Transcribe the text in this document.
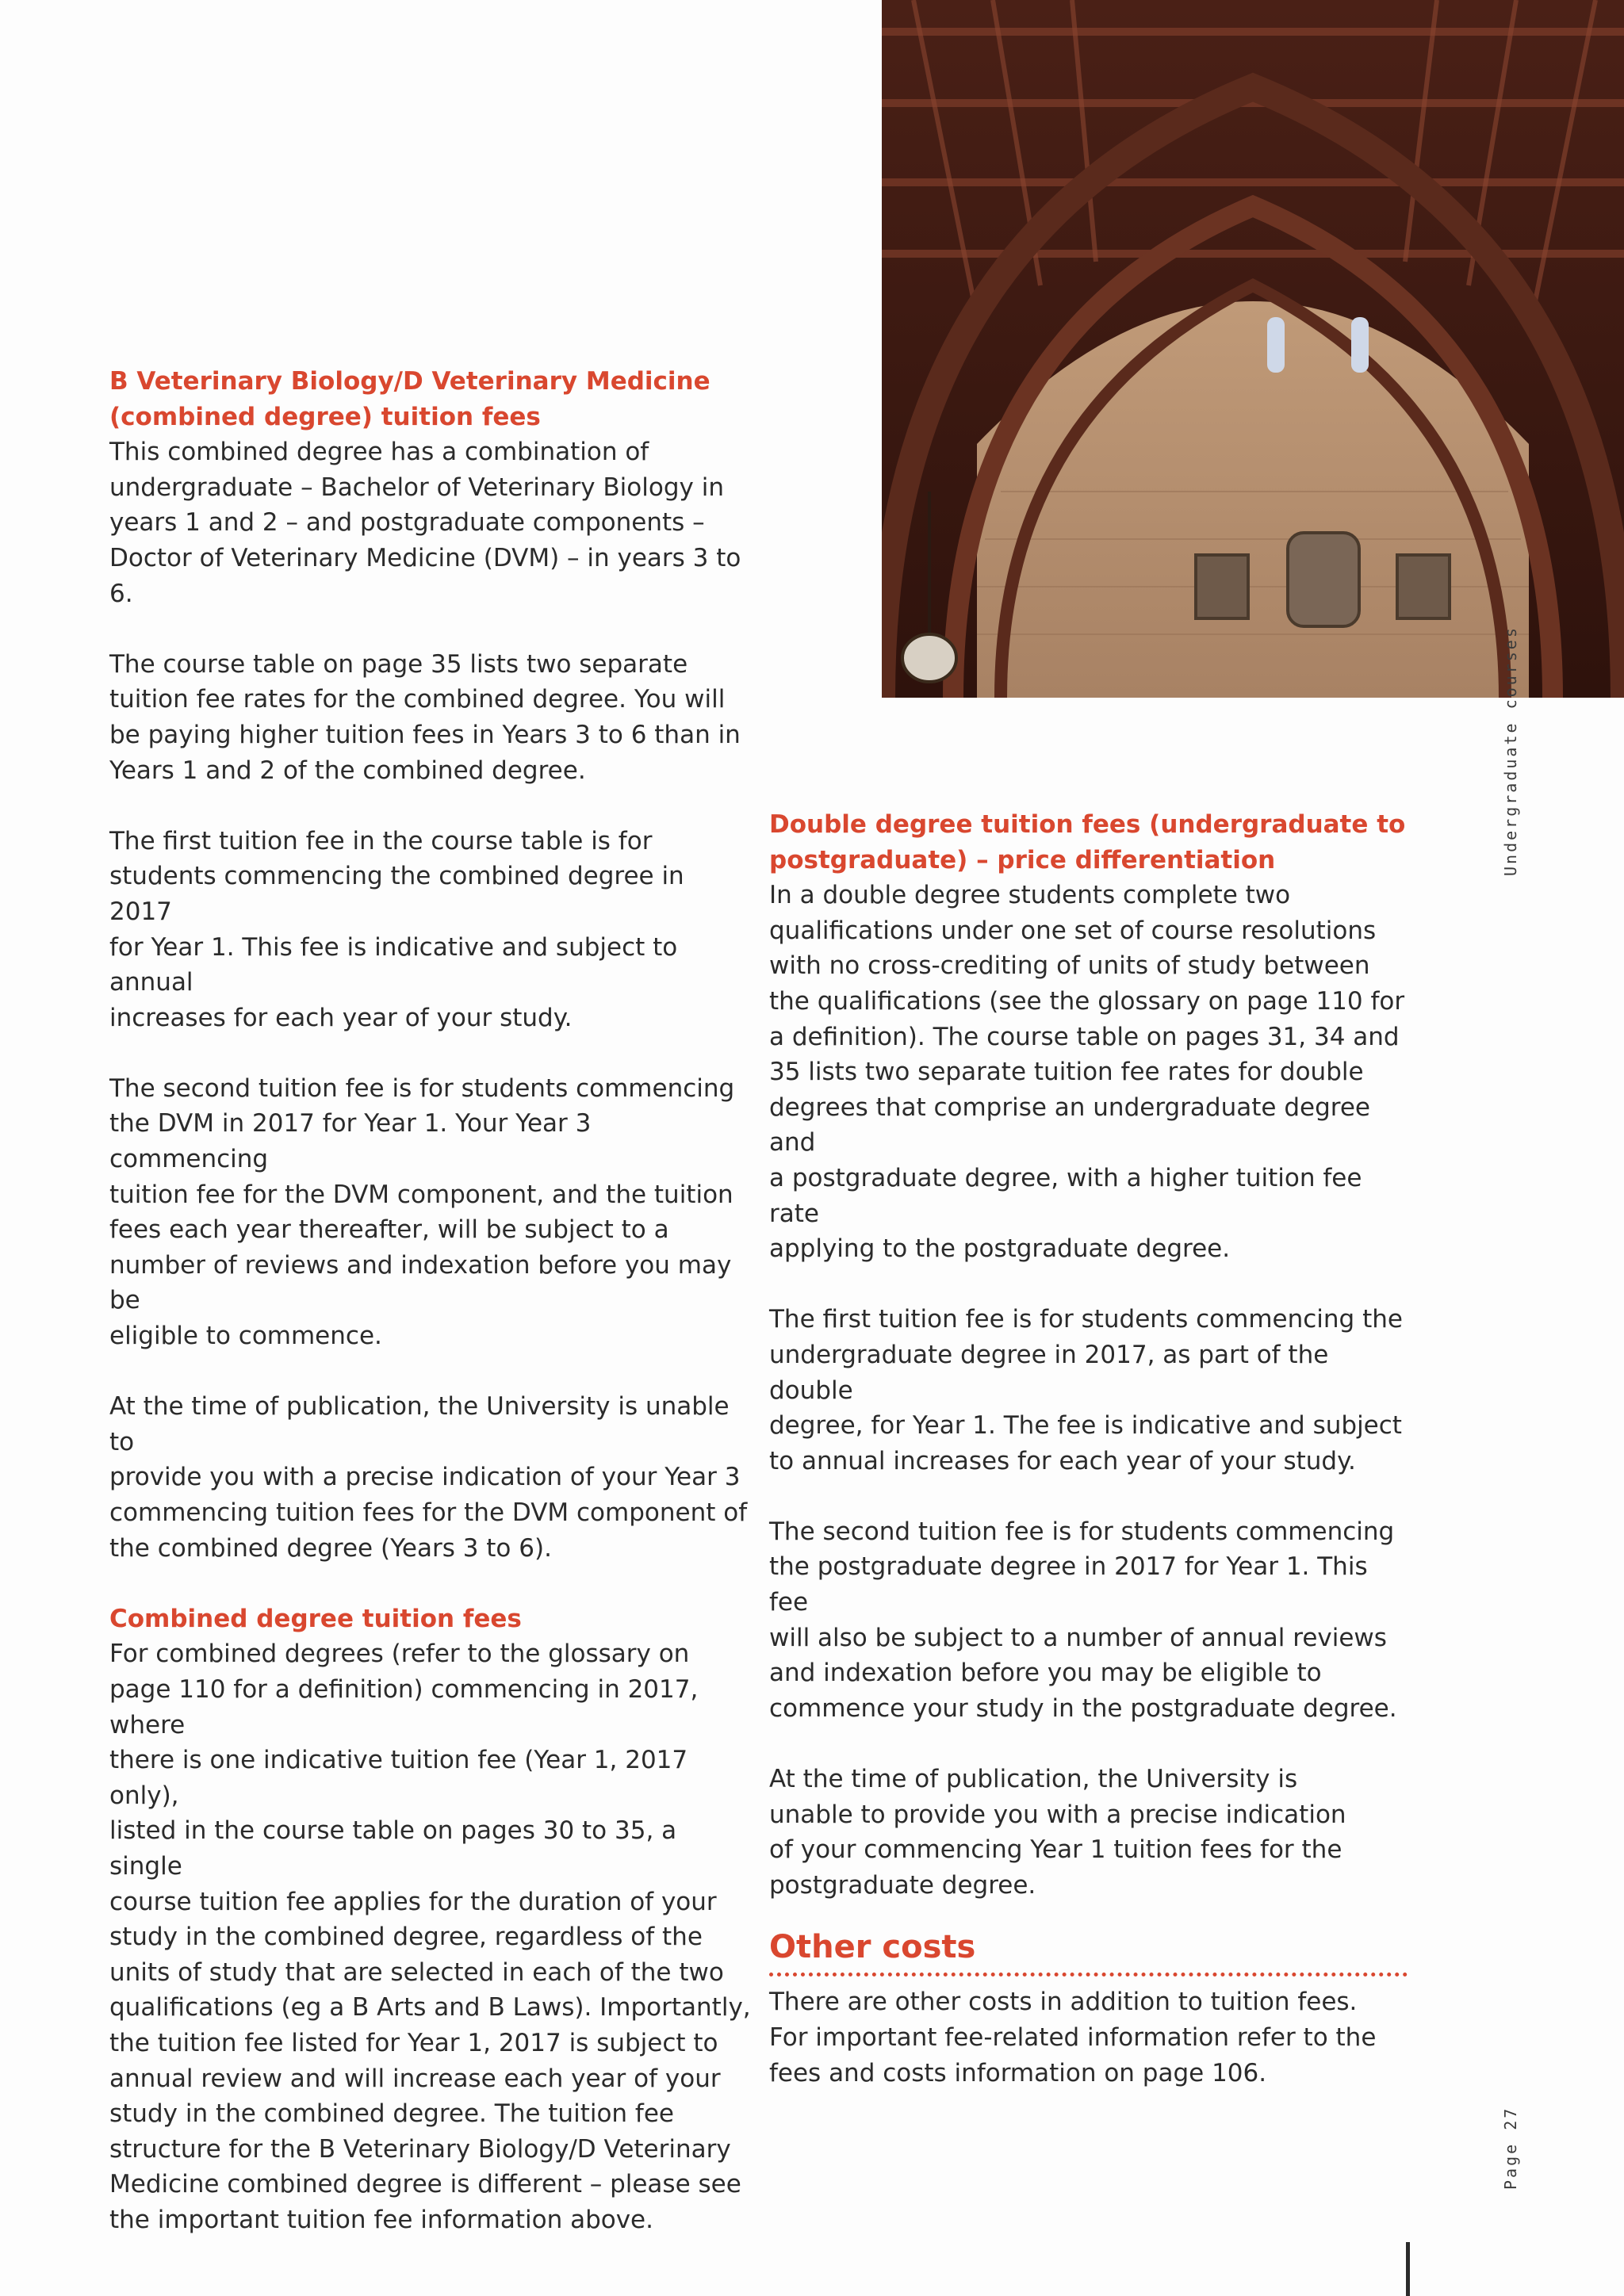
B Veterinary Biology/D Veterinary Medicine
(combined degree) tuition fees

This combined degree has a combination of
undergraduate – Bachelor of Veterinary Biology in
years 1 and 2 – and postgraduate components –
Doctor of Veterinary Medicine (DVM) – in years 3 to 6.

The course table on page 35 lists two separate
tuition fee rates for the combined degree. You will
be paying higher tuition fees in Years 3 to 6 than in
Years 1 and 2 of the combined degree.

The first tuition fee in the course table is for
students commencing the combined degree in 2017
for Year 1. This fee is indicative and subject to annual
increases for each year of your study.

The second tuition fee is for students commencing
the DVM in 2017 for Year 1. Your Year 3 commencing
tuition fee for the DVM component, and the tuition
fees each year thereafter, will be subject to a
number of reviews and indexation before you may be
eligible to commence.

At the time of publication, the University is unable to
provide you with a precise indication of your Year 3
commencing tuition fees for the DVM component of
the combined degree (Years 3 to 6).

Combined degree tuition fees

For combined degrees (refer to the glossary on
page 110 for a definition) commencing in 2017, where
there is one indicative tuition fee (Year 1, 2017 only),
listed in the course table on pages 30 to 35, a single
course tuition fee applies for the duration of your
study in the combined degree, regardless of the
units of study that are selected in each of the two
qualifications (eg a B Arts and B Laws). Importantly,
the tuition fee listed for Year 1, 2017 is subject to
annual review and will increase each year of your
study in the combined degree. The tuition fee
structure for the B Veterinary Biology/D Veterinary
Medicine combined degree is different – please see
the important tuition fee information above.

Double degree tuition fees (undergraduate to
postgraduate) – price differentiation

In a double degree students complete two
qualifications under one set of course resolutions
with no cross-crediting of units of study between
the qualifications (see the glossary on page 110 for
a definition). The course table on pages 31, 34 and
35 lists two separate tuition fee rates for double
degrees that comprise an undergraduate degree and
a postgraduate degree, with a higher tuition fee rate
applying to the postgraduate degree.

The first tuition fee is for students commencing the
undergraduate degree in 2017, as part of the double
degree, for Year 1. The fee is indicative and subject
to annual increases for each year of your study.

The second tuition fee is for students commencing
the postgraduate degree in 2017 for Year 1. This fee
will also be subject to a number of annual reviews
and indexation before you may be eligible to
commence your study in the postgraduate degree.

At the time of publication, the University is
unable to provide you with a precise indication
of your commencing Year 1 tuition fees for the
postgraduate degree.

Other costs

There are other costs in addition to tuition fees.
For important fee-related information refer to the
fees and costs information on page 106.

Undergraduate courses
Page 27
